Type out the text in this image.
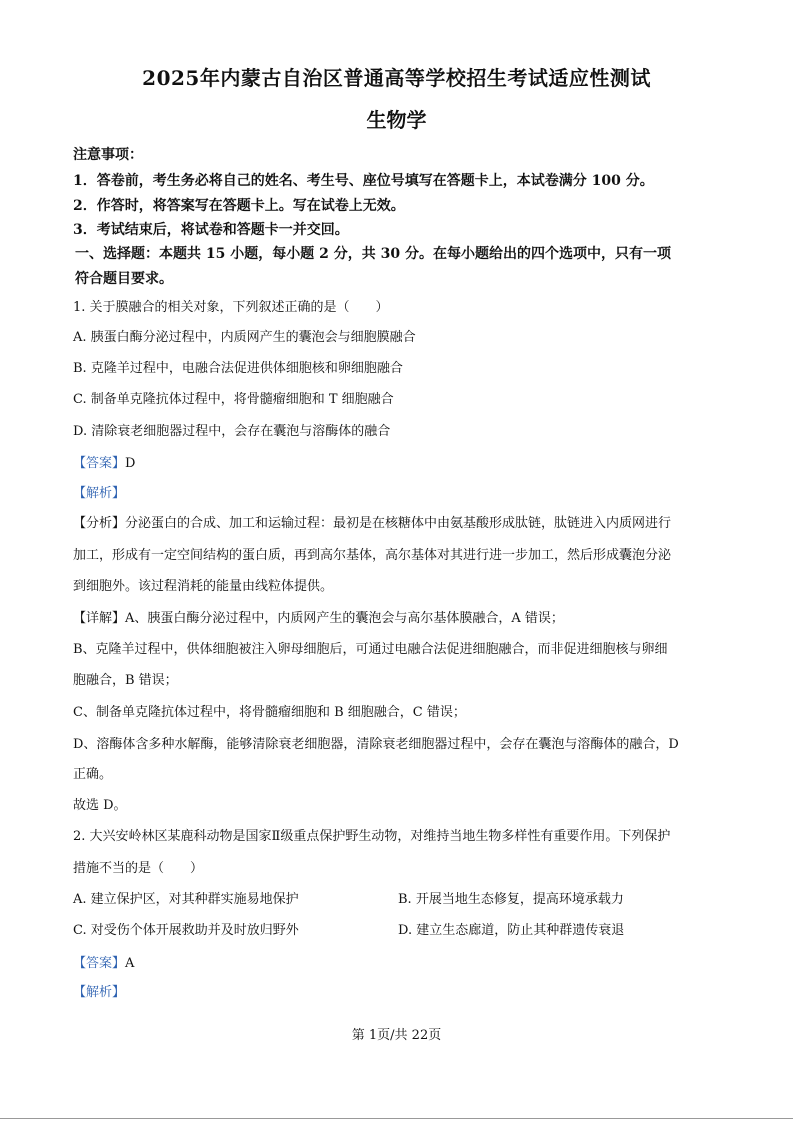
2025年内蒙古自治区普通高等学校招生考试适应性测试
生物学
注意事项：
1．答卷前，考生务必将自己的姓名、考生号、座位号填写在答题卡上，本试卷满分 100 分。
2．作答时，将答案写在答题卡上。写在试卷上无效。
3．考试结束后，将试卷和答题卡一并交回。
一、选择题：本题共 15 小题，每小题 2 分，共 30 分。在每小题给出的四个选项中，只有一项
符合题目要求。
1. 关于膜融合的相关对象，下列叙述正确的是（　　）
A. 胰蛋白酶分泌过程中，内质网产生的囊泡会与细胞膜融合
B. 克隆羊过程中，电融合法促进供体细胞核和卵细胞融合
C. 制备单克隆抗体过程中，将骨髓瘤细胞和 T 细胞融合
D. 清除衰老细胞器过程中，会存在囊泡与溶酶体的融合
【答案】D
【解析】
【分析】分泌蛋白的合成、加工和运输过程：最初是在核糖体中由氨基酸形成肽链，肽链进入内质网进行
加工，形成有一定空间结构的蛋白质，再到高尔基体，高尔基体对其进行进一步加工，然后形成囊泡分泌
到细胞外。该过程消耗的能量由线粒体提供。
【详解】A、胰蛋白酶分泌过程中，内质网产生的囊泡会与高尔基体膜融合，A 错误；
B、克隆羊过程中，供体细胞被注入卵母细胞后，可通过电融合法促进细胞融合，而非促进细胞核与卵细
胞融合，B 错误；
C、制备单克隆抗体过程中，将骨髓瘤细胞和 B 细胞融合，C 错误；
D、溶酶体含多种水解酶，能够清除衰老细胞器，清除衰老细胞器过程中，会存在囊泡与溶酶体的融合，D
正确。
故选 D。
2. 大兴安岭林区某鹿科动物是国家Ⅱ级重点保护野生动物，对维持当地生物多样性有重要作用。下列保护
措施不当的是（　　）
A. 建立保护区，对其种群实施易地保护	B. 开展当地生态修复，提高环境承载力
C. 对受伤个体开展救助并及时放归野外	D. 建立生态廊道，防止其种群遗传衰退
【答案】A
【解析】
第 1页/共 22页
